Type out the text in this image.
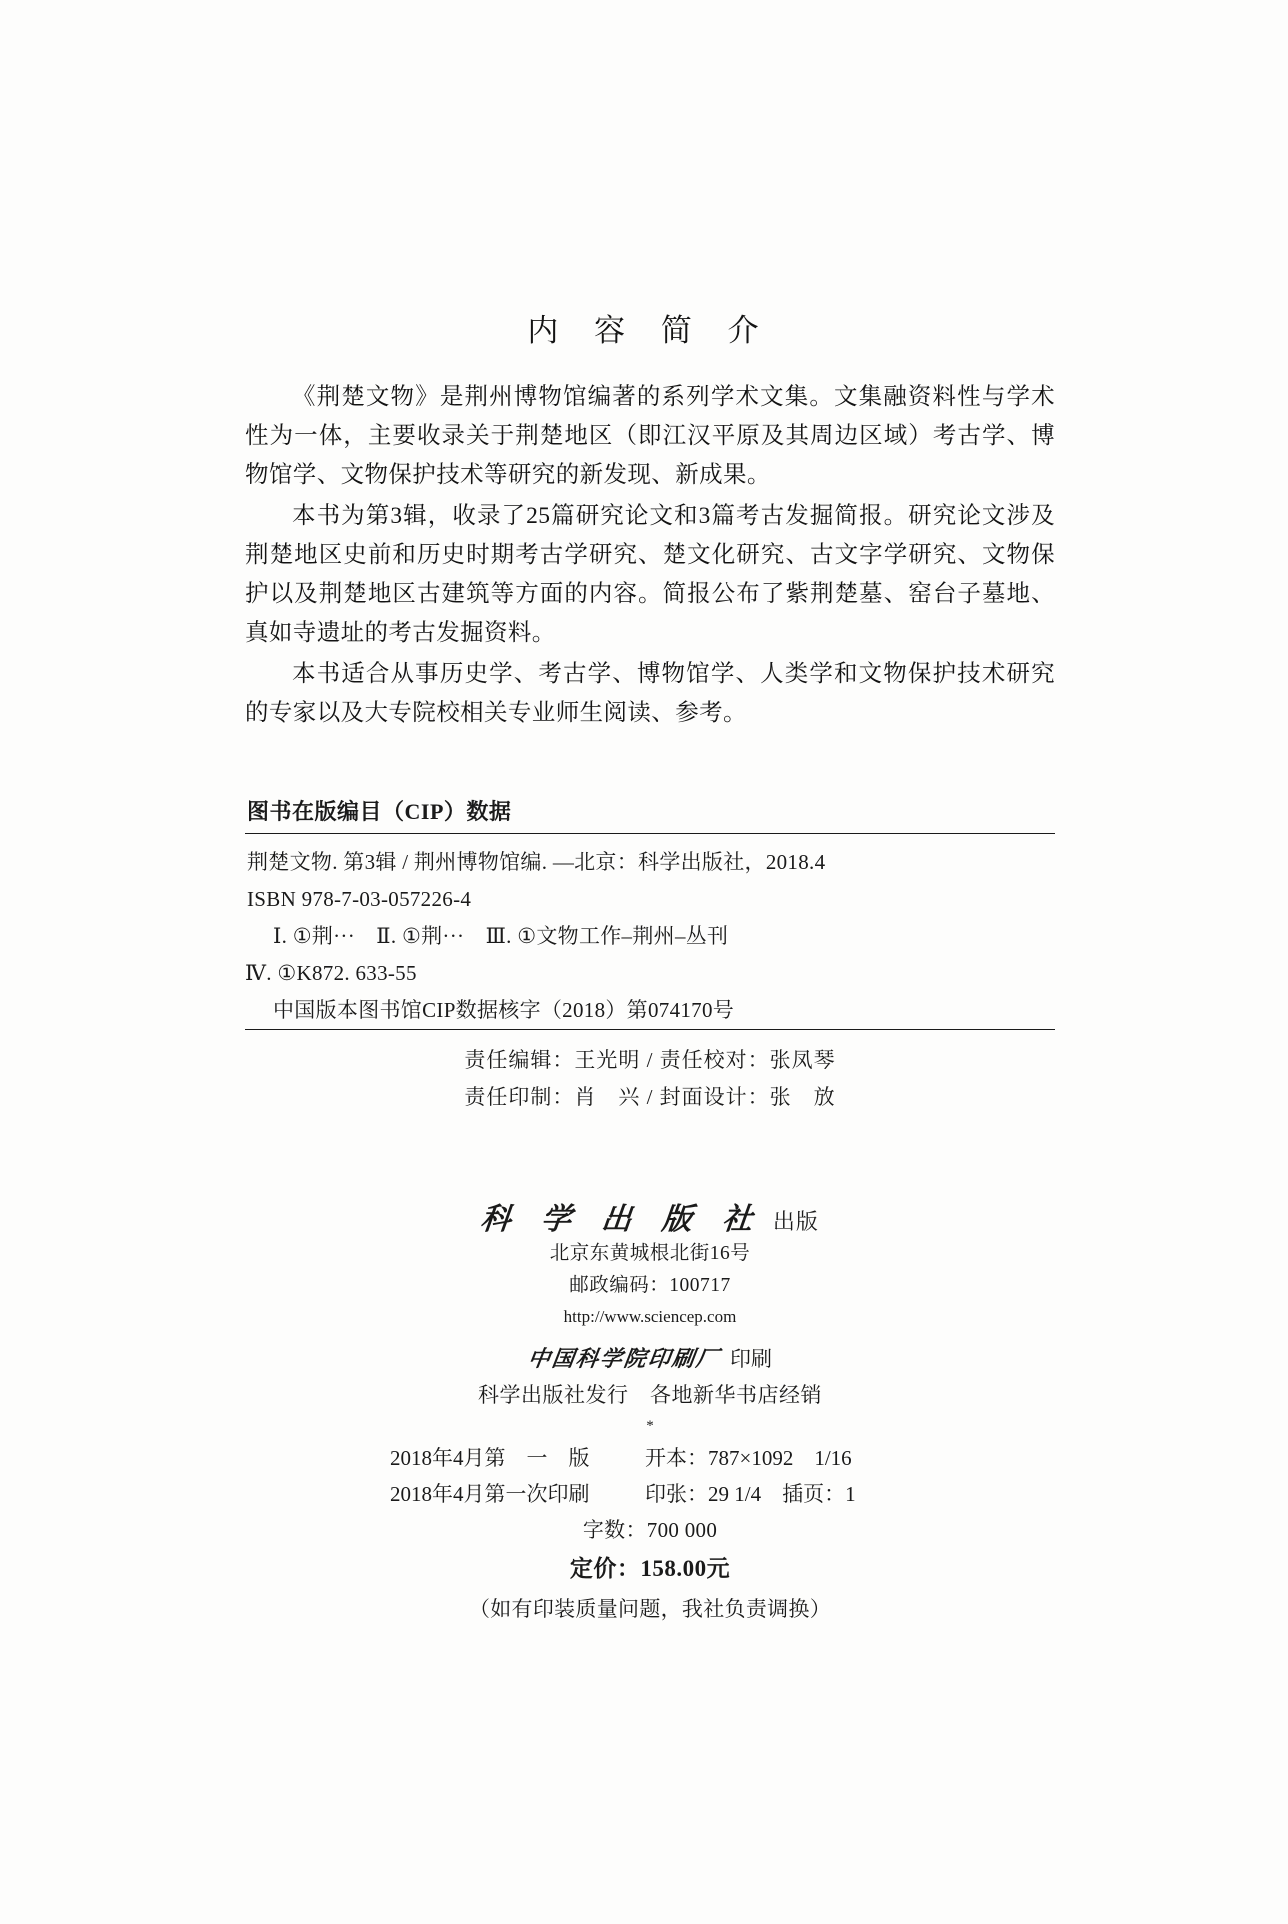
内 容 简 介

《荆楚文物》是荆州博物馆编著的系列学术文集。文集融资料性与学术性为一体，主要收录关于荆楚地区（即江汉平原及其周边区域）考古学、博物馆学、文物保护技术等研究的新发现、新成果。

本书为第3辑，收录了25篇研究论文和3篇考古发掘简报。研究论文涉及荆楚地区史前和历史时期考古学研究、楚文化研究、古文字学研究、文物保护以及荆楚地区古建筑等方面的内容。简报公布了紫荆楚墓、窑台子墓地、真如寺遗址的考古发掘资料。

本书适合从事历史学、考古学、博物馆学、人类学和文物保护技术研究的专家以及大专院校相关专业师生阅读、参考。

图书在版编目（CIP）数据
荆楚文物. 第3辑 / 荆州博物馆编. —北京：科学出版社，2018.4
ISBN 978-7-03-057226-4
Ⅰ. ①荆···　Ⅱ. ①荆···　Ⅲ. ①文物工作–荆州–丛刊
Ⅳ. ①K872. 633-55
中国版本图书馆CIP数据核字（2018）第074170号
责任编辑：王光明 / 责任校对：张凤琴
责任印制：肖　兴 / 封面设计：张　放
科 学 出 版 社 出版
北京东黄城根北街16号
邮政编码：100717
http://www.sciencep.com
中国科学院印刷厂 印刷
科学出版社发行　各地新华书店经销
*
2018年4月第　一　版	开本：787×1092　1/16
2018年4月第一次印刷	印张：29 1/4　插页：1
字数：700 000
定价：158.00元
（如有印装质量问题，我社负责调换）
